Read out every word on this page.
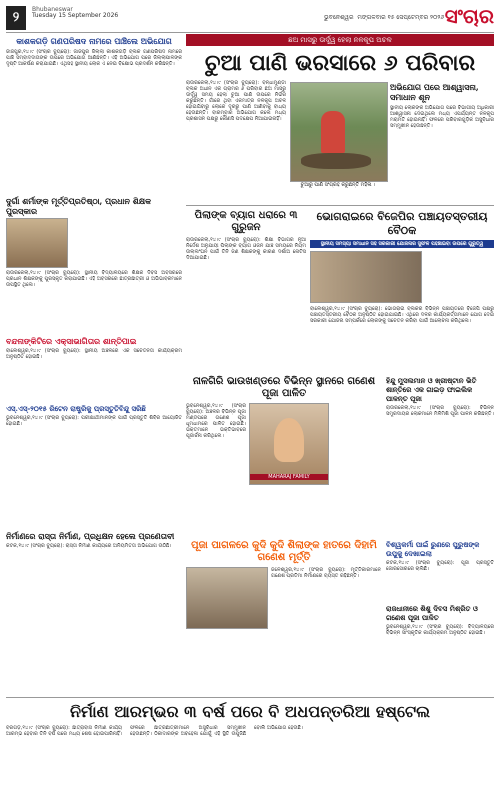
୨
Bhubaneswar
Tuesday 15 September 2026	ଭୁବନେଶ୍ୱର ମଙ୍ଗଳବାର ୧୫ ସେପ୍ଟେମ୍ବର ୨୦୨୬ ସଂଚାର
କାଶକଗଡ଼ି ଗଣପରିଷଦ ନାମରେ ପାଞ୍ଚିଲେ ଅଭିଯୋଗ
ଜାଜପୁର,୧୪।୯ (ସଂଚାର ବ୍ୟୁରୋ): ଜାଜପୁର ଜିଲ୍ଲା କାଶକଗଡ଼ି ବ୍ଲକ ଗଣପରିଷଦ ନାମରେ ପାଞ୍ଚି ସମ୍ବାଦଦାତାଙ୍କ ଉପରେ ଅଭିଯୋଗ ଆଣିଛନ୍ତି। ଏହି ଅଭିଯୋଗ ପରେ ଜିଲ୍ଲାପାଳଙ୍କ ଦୃଷ୍ଟି ଆକର୍ଷଣ କରାଯାଇଛି। ଏଥିସହ ସ୍ଥାନୀୟ ଲୋକ ଏ ନେଇ ବିକ୍ଷୋଭ ପ୍ରଦର୍ଶନ କରିଛନ୍ତି।
ଛଅ ମାସରୁ ଊର୍ଦ୍ଧ୍ୱ ହେଲା ନଳକୂପ ଅଚଳ
ଚୁଆ ପାଣି ଭରସାରେ ୬ ପରିବାର
ରାଉରକେଲା,୧୪।୯ (ସଂଚାର ବ୍ୟୁରୋ): ବନ୍ଧାମୁଣ୍ଡା ବ୍ଲକ ଅଧୀନ ଏକ ଗ୍ରାମର ୬ ପରିବାର ଛଅ ମାସରୁ ଊର୍ଦ୍ଧ୍ୱ ସମୟ ହେଲା ଚୁଆ ପାଣି ଉପରେ ନିର୍ଭର କରୁଛନ୍ତି। ଗାଁରେ ଥିବା ଏକମାତ୍ର ନଳକୂପ ଅଚଳ ହୋଇଯିବାରୁ ଲୋକେ ଦୂରରୁ ପାଣି ଆଣିବାକୁ ବାଧ୍ୟ ହେଉଛନ୍ତି। ବାରମ୍ବାର ଅଭିଯୋଗ କଲେ ମଧ୍ୟ ପ୍ରଶାସନ ପକ୍ଷରୁ କୌଣସି ପଦକ୍ଷେପ ନିଆଯାଇନାହିଁ।
ଚୁଆରୁ ପାଣି ସଂଗ୍ରହ କରୁଛନ୍ତି ମହିଳା ।
ଅଭିଯୋଗ ପରେ ଆଶ୍ୱାସନା, ସମାଧାନ ଶୂନ
ସ୍ଥାନୀୟ ଲୋକଙ୍କ ଅଭିଯୋଗ ପରେ ବିଭାଗୀୟ ଅଧିକାରୀ ଆଶ୍ୱାସନା ଦେଇଥିଲେ ମଧ୍ୟ ଏପର୍ଯ୍ୟନ୍ତ ନଳକୂପ ମରାମତି ହୋଇନାହିଁ। ଫଳରେ ପରିବାରଗୁଡ଼ିକ ଅସୁବିଧାର ସମ୍ମୁଖୀନ ହେଉଛନ୍ତି।
ପିଲାଙ୍କ ବ୍ୟାଗ ଧରାରେ ୩ ଗୁରୁଜନ
ରାଉରକେଲା,୧୪।୯ (ସଂଚାର ବ୍ୟୁରୋ): ଶିକ୍ଷା ବିଭାଗର ନୂଆ ନିର୍ଦ୍ଦେଶ ଅନୁଯାୟୀ ପିଲାଙ୍କ ବ୍ୟାଗ ଓଜନ ଯାଞ୍ଚ ସମୟରେ ନିୟମ ଉଲ୍ଲଂଘନ ପାଇଁ ତିନି ଜଣ ଶିକ୍ଷକଙ୍କୁ କାରଣ ଦର୍ଶାଅ ନୋଟିସ ଦିଆଯାଇଛି।
ଭୋଗରାଇରେ ବିଜେପିର ପଞ୍ଚାୟତସ୍ତରୀୟ ବୈଠକ
ସ୍ଥାନୀୟ ସମସ୍ୟା ସମାଧାନ ସହ ସରକାରୀ ଯୋଜନାର ସୁଫଳ ପହଞ୍ଚାଇବା ଉପରେ ଗୁରୁତ୍ୱ
ବାଲେଶ୍ୱର,୧୪।୯ (ସଂଚାର ବ୍ୟୁରୋ): ଭୋଗରାଇ ବ୍ଲକର ବିଭିନ୍ନ ପଞ୍ଚାୟତରେ ବିଜେପି ପକ୍ଷରୁ ପଞ୍ଚାୟତସ୍ତରୀୟ ବୈଠକ ଅନୁଷ୍ଠିତ ହୋଇଯାଇଛି। ଏଥିରେ ଦଳର କାର୍ଯ୍ୟକର୍ତ୍ତାମାନେ ଯୋଗ ଦେଇ ସରକାରୀ ଯୋଜନା ସମ୍ପର୍କରେ ଲୋକଙ୍କୁ ସଚେତନ କରିବା ପାଇଁ ଆଲୋଚନା କରିଥିଲେ।
ଦୁର୍ଗା ଶର୍ମାଙ୍କ ମୂର୍ତ୍ତିପ୍ରତିଷ୍ଠା, ପ୍ରଧାନ ଶିକ୍ଷକ ପୁରସ୍କାର
ରାଉରକେଲା,୧୪।୯ (ସଂଚାର ବ୍ୟୁରୋ): ସ୍ଥାନୀୟ ବିଦ୍ୟାଳୟରେ ଶିକ୍ଷକ ଦିବସ ଅବସରରେ ପ୍ରଧାନ ଶିକ୍ଷକଙ୍କୁ ପୁରସ୍କୃତ କରାଯାଇଛି। ଏହି ଅବସରରେ ଛାତ୍ରଛାତ୍ରୀ ଓ ଅଭିଭାବକମାନେ ଉପସ୍ଥିତ ଥିଲେ।
ବନ୍ଦନାଙ୍କିଟିରେ ଏକ୍ସାଭାଗିତାର ଶାନ୍ତିପାଇ
ବାଲେଶ୍ୱର,୧୪।୯ (ସଂଚାର ବ୍ୟୁରୋ): ସ୍ଥାନୀୟ ଅଞ୍ଚଳରେ ଏକ ସଚେତନତା କାର୍ଯ୍ୟକ୍ରମ ଅନୁଷ୍ଠିତ ହୋଇଛି।
ଏସ୍.ଏସ୍-୨୦୧୫ ରିଟେନ ରାଷ୍ଟ୍ରିକୁ ପ୍ରସ୍ତୁତିବିନ୍ଦୁ ସରିଛି
ଭୁବନେଶ୍ୱର,୧୪।୯ (ସଂଚାର ବ୍ୟୁରୋ): ପରୀକ୍ଷାର୍ଥୀମାନଙ୍କ ପାଇଁ ପ୍ରସ୍ତୁତି ଶିବିର ଆୟୋଜିତ ହୋଇଛି।
ନିର୍ମାଣରେ ରାସ୍ତା ନିର୍ମାଣ, ପ୍ରଧିକ୍ଷନ ହେଲେ ପ୍ରଣେତାବୀ
କଟକ,୧୪।୯ (ସଂଚାର ବ୍ୟୁରୋ): ରାସ୍ତା ନିର୍ମାଣ କାର୍ଯ୍ୟରେ ଅନିୟମିତତା ଅଭିଯୋଗ ଉଠିଛି।
ନାଳଗିରି ଭାଉଖଣ୍ଡରେ ବିଭିନ୍ନ ସ୍ଥାନରେ ଗଣେଶ ପୂଜା ପାଳିତ
ଭୁବନେଶ୍ୱର,୧୪।୯ (ସଂଚାର ବ୍ୟୁରୋ): ଅଞ୍ଚଳର ବିଭିନ୍ନ ପୂଜା ମଣ୍ଡପରେ ଗଣେଶ ପୂଜା ଧୂମଧାମରେ ପାଳିତ ହୋଇଛି। ଭକ୍ତମାନେ ଭକ୍ତିଭାବରେ ପୂଜାର୍ଚ୍ଚନା କରିଥିଲେ।
MAHARAJ FAMILY
ହିନ୍ଦୁ ମୁସଲମାନ ଓ ଖ୍ରୀଷ୍ଟାନ ଭିତି ଶାନ୍ତିରେ ଏକ ଗାଇଡ଼ ଫାଇଲିକ ପାଳନ୍ତ ପୂଜା
ରାଉରକେଲା,୧୪।୯ (ସଂଚାର ବ୍ୟୁରୋ): ବିଭିନ୍ନ ସମ୍ପ୍ରଦାୟର ଲୋକମାନେ ମିଳିମିଶି ପୂଜା ପାଳନ କରିଛନ୍ତି।
ପୂଜା ପାଗଳରେ କୁଦି କୁଦି ଶିଲାଙ୍କ ହାତରେ ଦିହାମି ଗଣେଶ ମୂର୍ତ୍ତି
ଜଳେଶ୍ୱର,୧୪।୯ (ସଂଚାର ବ୍ୟୁରୋ): ମୃର୍ତ୍ତିକାରମାନେ ଗଣେଶ ପ୍ରତିମା ନିର୍ମାଣରେ ବ୍ୟସ୍ତ ରହିଛନ୍ତି।
ବିଶ୍ୱକର୍ମା ପାଇଁ ରୁଣରେ ପୁରୁଷଙ୍କ ଉପୁକୁ ଦେଖାଇଲା
କଟକ,୧୪।୯ (ସଂଚାର ବ୍ୟୁରୋ): ପୂଜା ପ୍ରସ୍ତୁତି ଜୋରସୋରରେ ଚାଲିଛି।
ରାଜଧାନୀରେ ଶିଶୁ ଦିବସ ମିଶ୍ରିତ ଓ ଗଣେଶ ପୂଜା ପାଳିତ
ଭୁବନେଶ୍ୱର,୧୪।୯ (ସଂଚାର ବ୍ୟୁରୋ): ବିଦ୍ୟାଳୟରେ ବିଭିନ୍ନ ସାଂସ୍କୃତିକ କାର୍ଯ୍ୟକ୍ରମ ଅନୁଷ୍ଠିତ ହୋଇଛି।
ନିର୍ମାଣ ଆରମ୍ଭର ୩ ବର୍ଷ ପରେ ବି ଅଧପନ୍ତରିଆ ହଷ୍ଟେଲ
ବରଗଡ଼,୧୪।୯ (ସଂଚାର ବ୍ୟୁରୋ): ଛାତ୍ରାବାସ ନିର୍ମାଣ କାର୍ଯ୍ୟ ଆରମ୍ଭ ହେବାର ତିନି ବର୍ଷ ପରେ ମଧ୍ୟ ଶେଷ ହୋଇପାରିନାହିଁ। ଫଳରେ ଛାତ୍ରଛାତ୍ରୀମାନେ ଅସୁବିଧାର ସମ୍ମୁଖୀନ ହେଉଛନ୍ତି। ଠିକାଦାରଙ୍କ ଅବହେଳା ଯୋଗୁଁ ଏହି ସ୍ଥିତି ଉପୁଜିଛି ବୋଲି ଅଭିଯୋଗ ହେଉଛି।
